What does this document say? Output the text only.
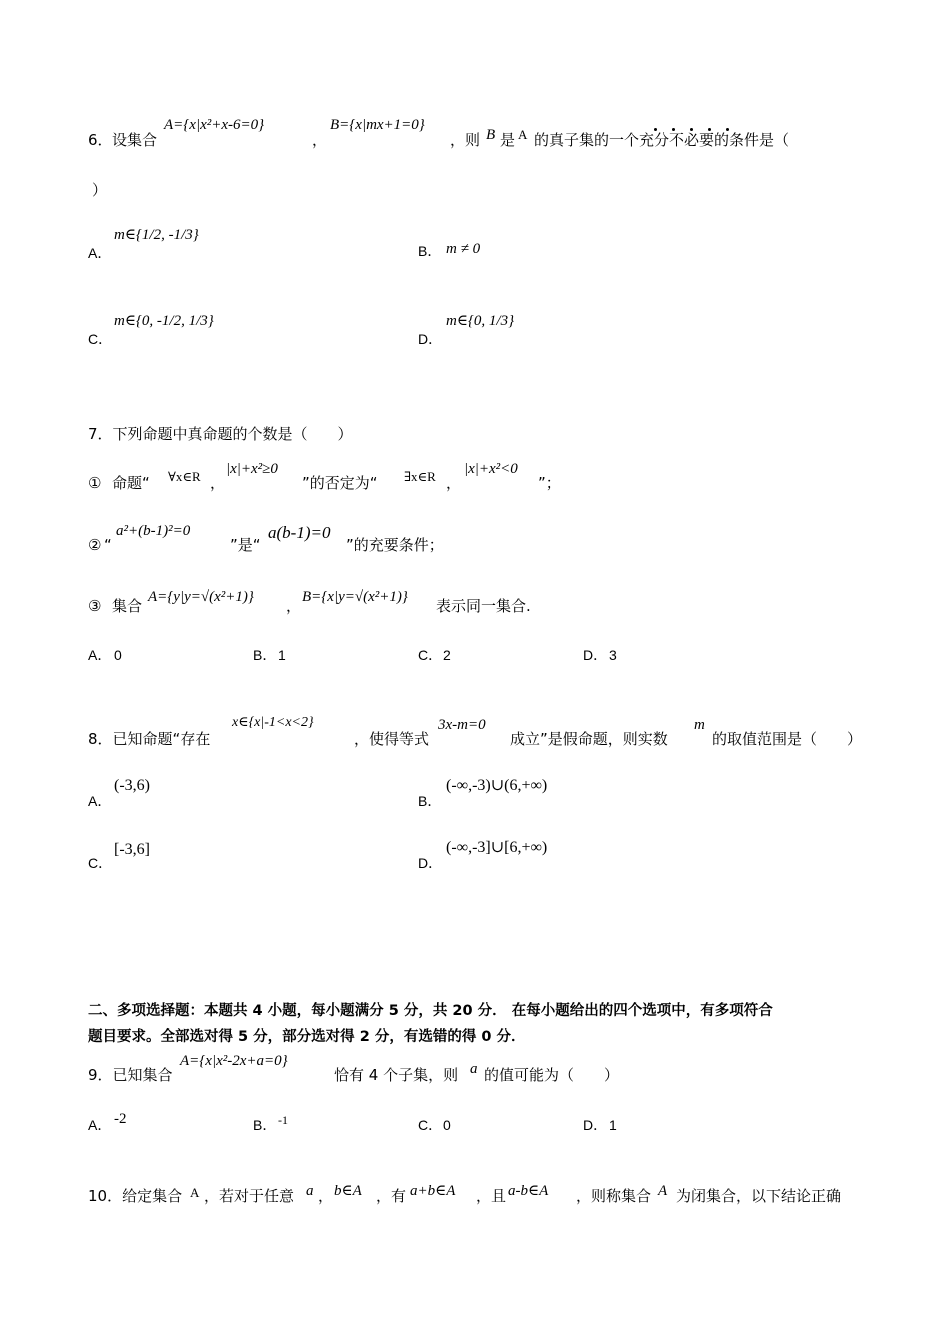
6． 设集合
A={x|x²+x-6=0}
，
B={x|mx+1=0}
，则 B 是 A 的真子集的一个充分不必要的条件是（
）
A．
m∈{1/2, -1/3}
B． m ≠ 0
C．
m∈{0, -1/2, 1/3}
D．
m∈{0, 1/3}
7．下列命题中真命题的个数是（　　）
① 命题“ ∀x∈R ，
|x|+x²≥0
”的否定为“ ∃x∈R ，
|x|+x²<0
”；
② “
a²+(b-1)²=0
”是“
a(b-1)=0
”的充要条件；
③ 集合 A={y|y=√(x²+1)} ， B={x|y=√(x²+1)} 表示同一集合.
A． 0	B． 1	C． 2	D． 3
8．已知命题“存在
x∈{x|-1<x<2}
，使得等式
3x-m=0
成立”是假命题，则实数
m
的取值范围是（　　）
A．
(-3,6)
B．
(-∞,-3)∪(6,+∞)
C．
[-3,6]
D．
(-∞,-3]∪[6,+∞)
二、多项选择题：本题共 4 小题，每小题满分 5 分，共 20 分． 在每小题给出的四个选项中，有多项符合
题目要求。全部选对得 5 分，部分选对得 2 分，有选错的得 0 分．
9．已知集合
A={x|x²-2x+a=0}
恰有 4 个子集，则 a 的值可能为（　　）
A． -2	B． -1	C． 0	D． 1
10．给定集合 A ，若对于任意 a ， b∈A ，有 a+b∈A ，且 a-b∈A ，则称集合 A 为闭集合，以下结论正确
